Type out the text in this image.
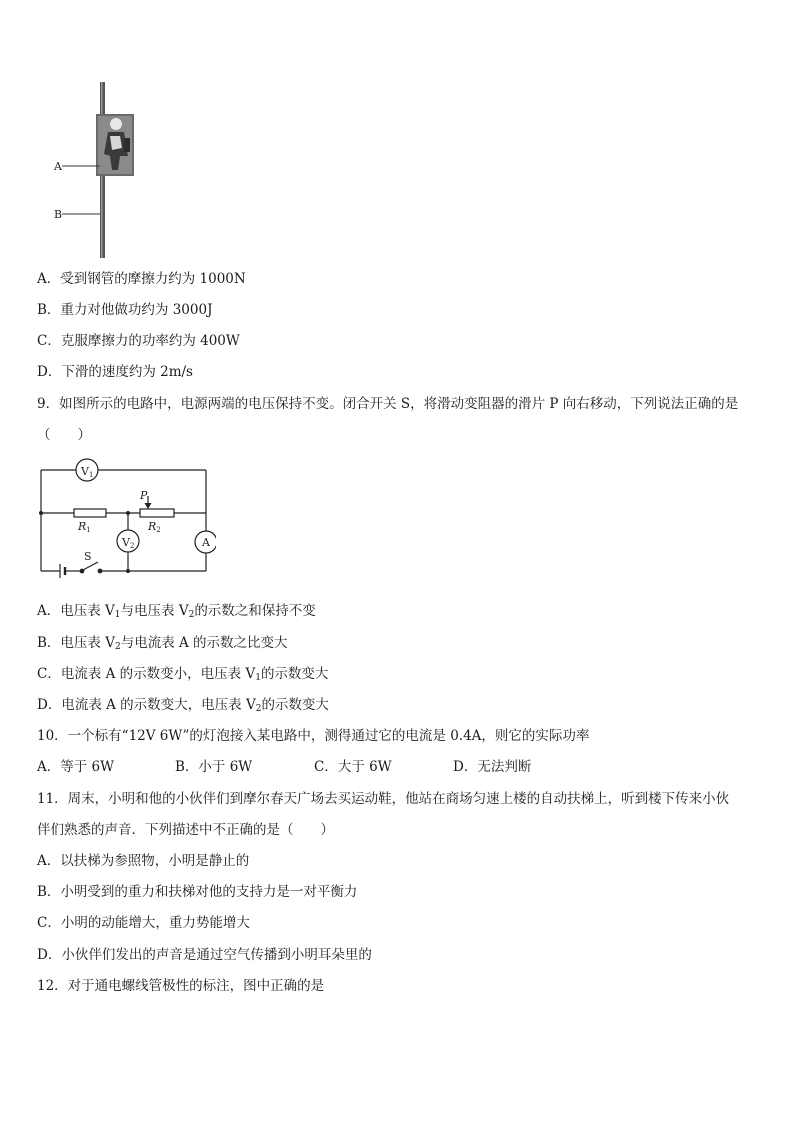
A
B
A．受到钢管的摩擦力约为 1000N
B．重力对他做功约为 3000J
C．克服摩擦力的功率约为 400W
D．下滑的速度约为 2m/s
9．如图所示的电路中，电源两端的电压保持不变。闭合开关 S，将滑动变阻器的滑片 P 向右移动，下列说法正确的是
（　　）
V1
V2	A
P
R1	R2
S
A．电压表 $V_1$与电压表 $V_2$的示数之和保持不变
B．电压表 $V_2$与电流表 A 的示数之比变大
C．电流表 A 的示数变小，电压表 $V_1$的示数变大
D．电流表 A 的示数变大，电压表 $V_2$的示数变大
10．一个标有“12V 6W”的灯泡接入某电路中，测得通过它的电流是 0.4A，则它的实际功率
A．等于 6W	B．小于 6W	C．大于 6W	D．无法判断
11．周末，小明和他的小伙伴们到摩尔春天广场去买运动鞋，他站在商场匀速上楼的自动扶梯上，听到楼下传来小伙
伴们熟悉的声音．下列描述中不正确的是（　　）
A．以扶梯为参照物，小明是静止的
B．小明受到的重力和扶梯对他的支持力是一对平衡力
C．小明的动能增大，重力势能增大
D．小伙伴们发出的声音是通过空气传播到小明耳朵里的
12．对于通电螺线管极性的标注，图中正确的是
